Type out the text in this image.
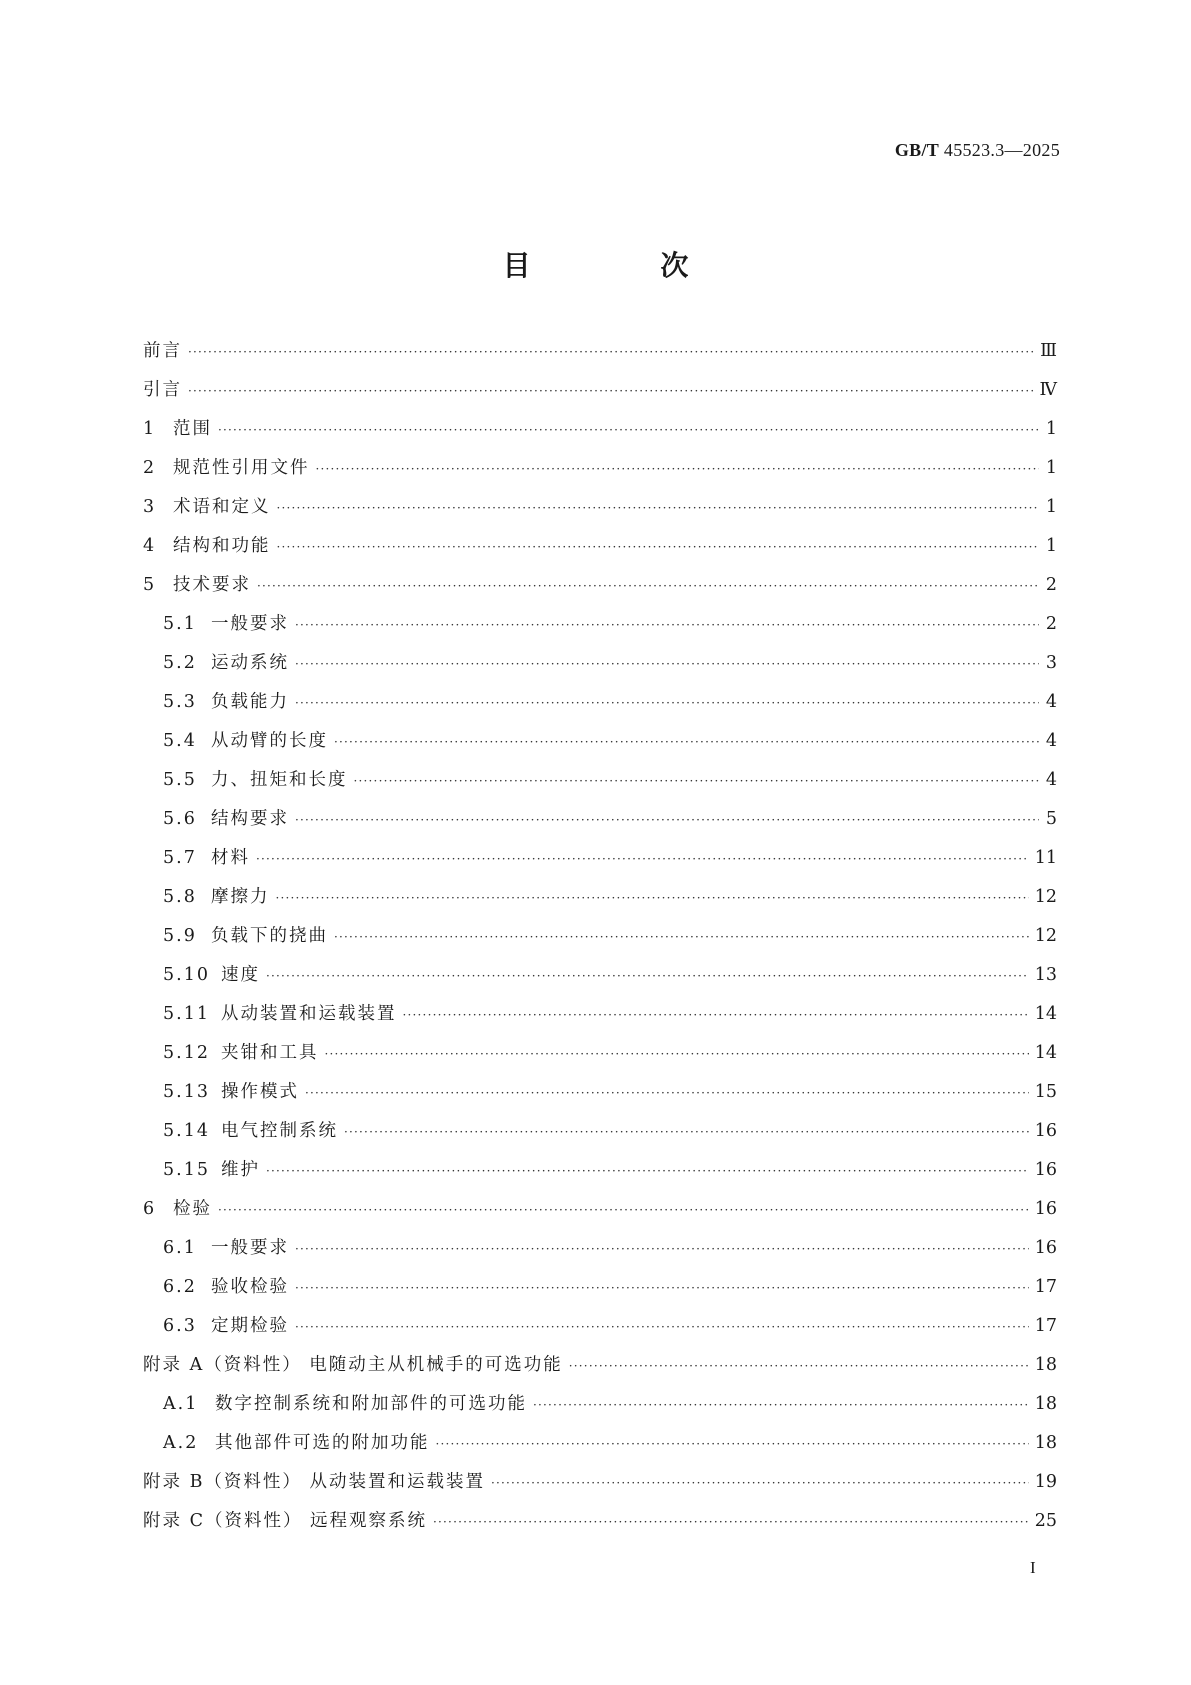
GB/T 45523.3—2025
目 次
前言 ·····	Ⅲ
引言 ·····	Ⅳ
1 范围 ·····	1
2 规范性引用文件 ·····	1
3 术语和定义 ·····	1
4 结构和功能 ·····	1
5 技术要求 ·····	2
5.1 一般要求 ·····	2
5.2 运动系统 ·····	3
5.3 负载能力 ·····	4
5.4 从动臂的长度 ·····	4
5.5 力、扭矩和长度 ·····	4
5.6 结构要求 ·····	5
5.7 材料 ·····	11
5.8 摩擦力 ·····	12
5.9 负载下的挠曲 ·····	12
5.10 速度 ·····	13
5.11 从动装置和运载装置 ·····	14
5.12 夹钳和工具 ·····	14
5.13 操作模式 ·····	15
5.14 电气控制系统 ·····	16
5.15 维护 ·····	16
6 检验 ·····	16
6.1 一般要求 ·····	16
6.2 验收检验 ·····	17
6.3 定期检验 ·····	17
附录 A（资料性） 电随动主从机械手的可选功能 ·····	18
A.1 数字控制系统和附加部件的可选功能 ·····	18
A.2 其他部件可选的附加功能 ·····	18
附录 B（资料性） 从动装置和运载装置 ·····	19
附录 C（资料性） 远程观察系统 ·····	25
I
